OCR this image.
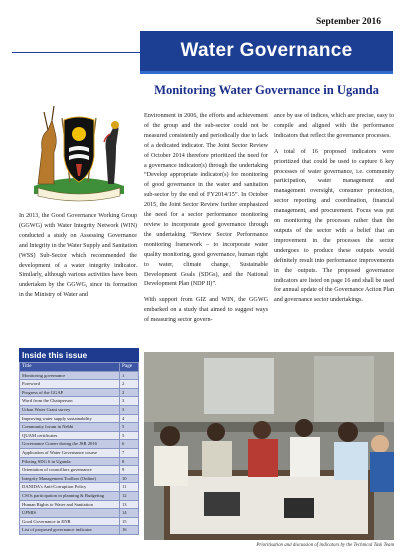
September 2016
Water Governance
Monitoring Water Governance in Uganda

In 2013, the Good Governance Working Group (GGWG) with Water Integrity Network (WIN) conducted a study on Assessing Governance and Integrity in the Water Supply and Sanitation (WSS) Sub-Sector which recommended the development of a water integrity indicator. Similarly, although various activities have been undertaken by the GGWG, since its formation in the Ministry of Water and

Environment in 2006, the efforts and achievement of the group and the sub-sector could not be measured consistently and periodically due to lack of a dedicated indicator. The Joint Sector Review of October 2014 therefore prioritized the need for a governance indicator(s) through the undertaking “Develop appropriate indicator(s) for monitoring of good governance in the water and sanitation sub-sector by the end of FY2014/15”. In October 2015, the Joint Sector Review further emphasized the need for a sector performance monitoring review to incorporate good governance through the undertaking “Review Sector Performance monitoring framework – to incorporate water quality monitoring, good governance, human right to water, climate change, Sustainable Development Goals (SDGs), and the National Development Plan (NDP II)”.

With support from GIZ and WIN, the GGWG embarked on a study that aimed to suggest ways of measuring sector govern-

ance by use of indices, which are precise, easy to compile and aligned with the performance indicators that reflect the governance processes.

A total of 16 proposed indicators were prioritized that could be used to capture 6 key processes of water governance, i.e. community participation, water management and management oversight, consumer protection, sector reporting and coordination, financial management, and procurement. Focus was put on monitoring the processes rather than the outputs of the sector with a belief that an improvement in the processes the sector undergoes to produce these outputs would definitely result into performance improvements in the outputs. The proposed governance indicators are listed on page 16 and shall be used for annual update of the Governance Action Plan and governance sector undertakings.

Inside this issue
Title	Page
Monitoring governance	1
Foreword	2
Progress of the GGAP	2
Word from the Chairperson	3
Urban Water Grant survey	3
Improving water supply sustainability	4
Community forum in Nebbi	5
QUAM certificates	5
Governance Corner during the JSR 2016	6
Application of Water Governance course	7
Piloting SDG 6 in Uganda	8
Orientation of councillors governance	9
Integrity Management Toolbox (Online)	10
DANIDA’s Anti-Corruption Policy	11
CSOs participation in planning & Budgeting	12
Human Rights to Water and Sanitation	13
UPMIS	14
Good Governance in ENR	15
List of proposed governance indicator	16
Prioritisation and discussion of indicators by the Technical Task Team
